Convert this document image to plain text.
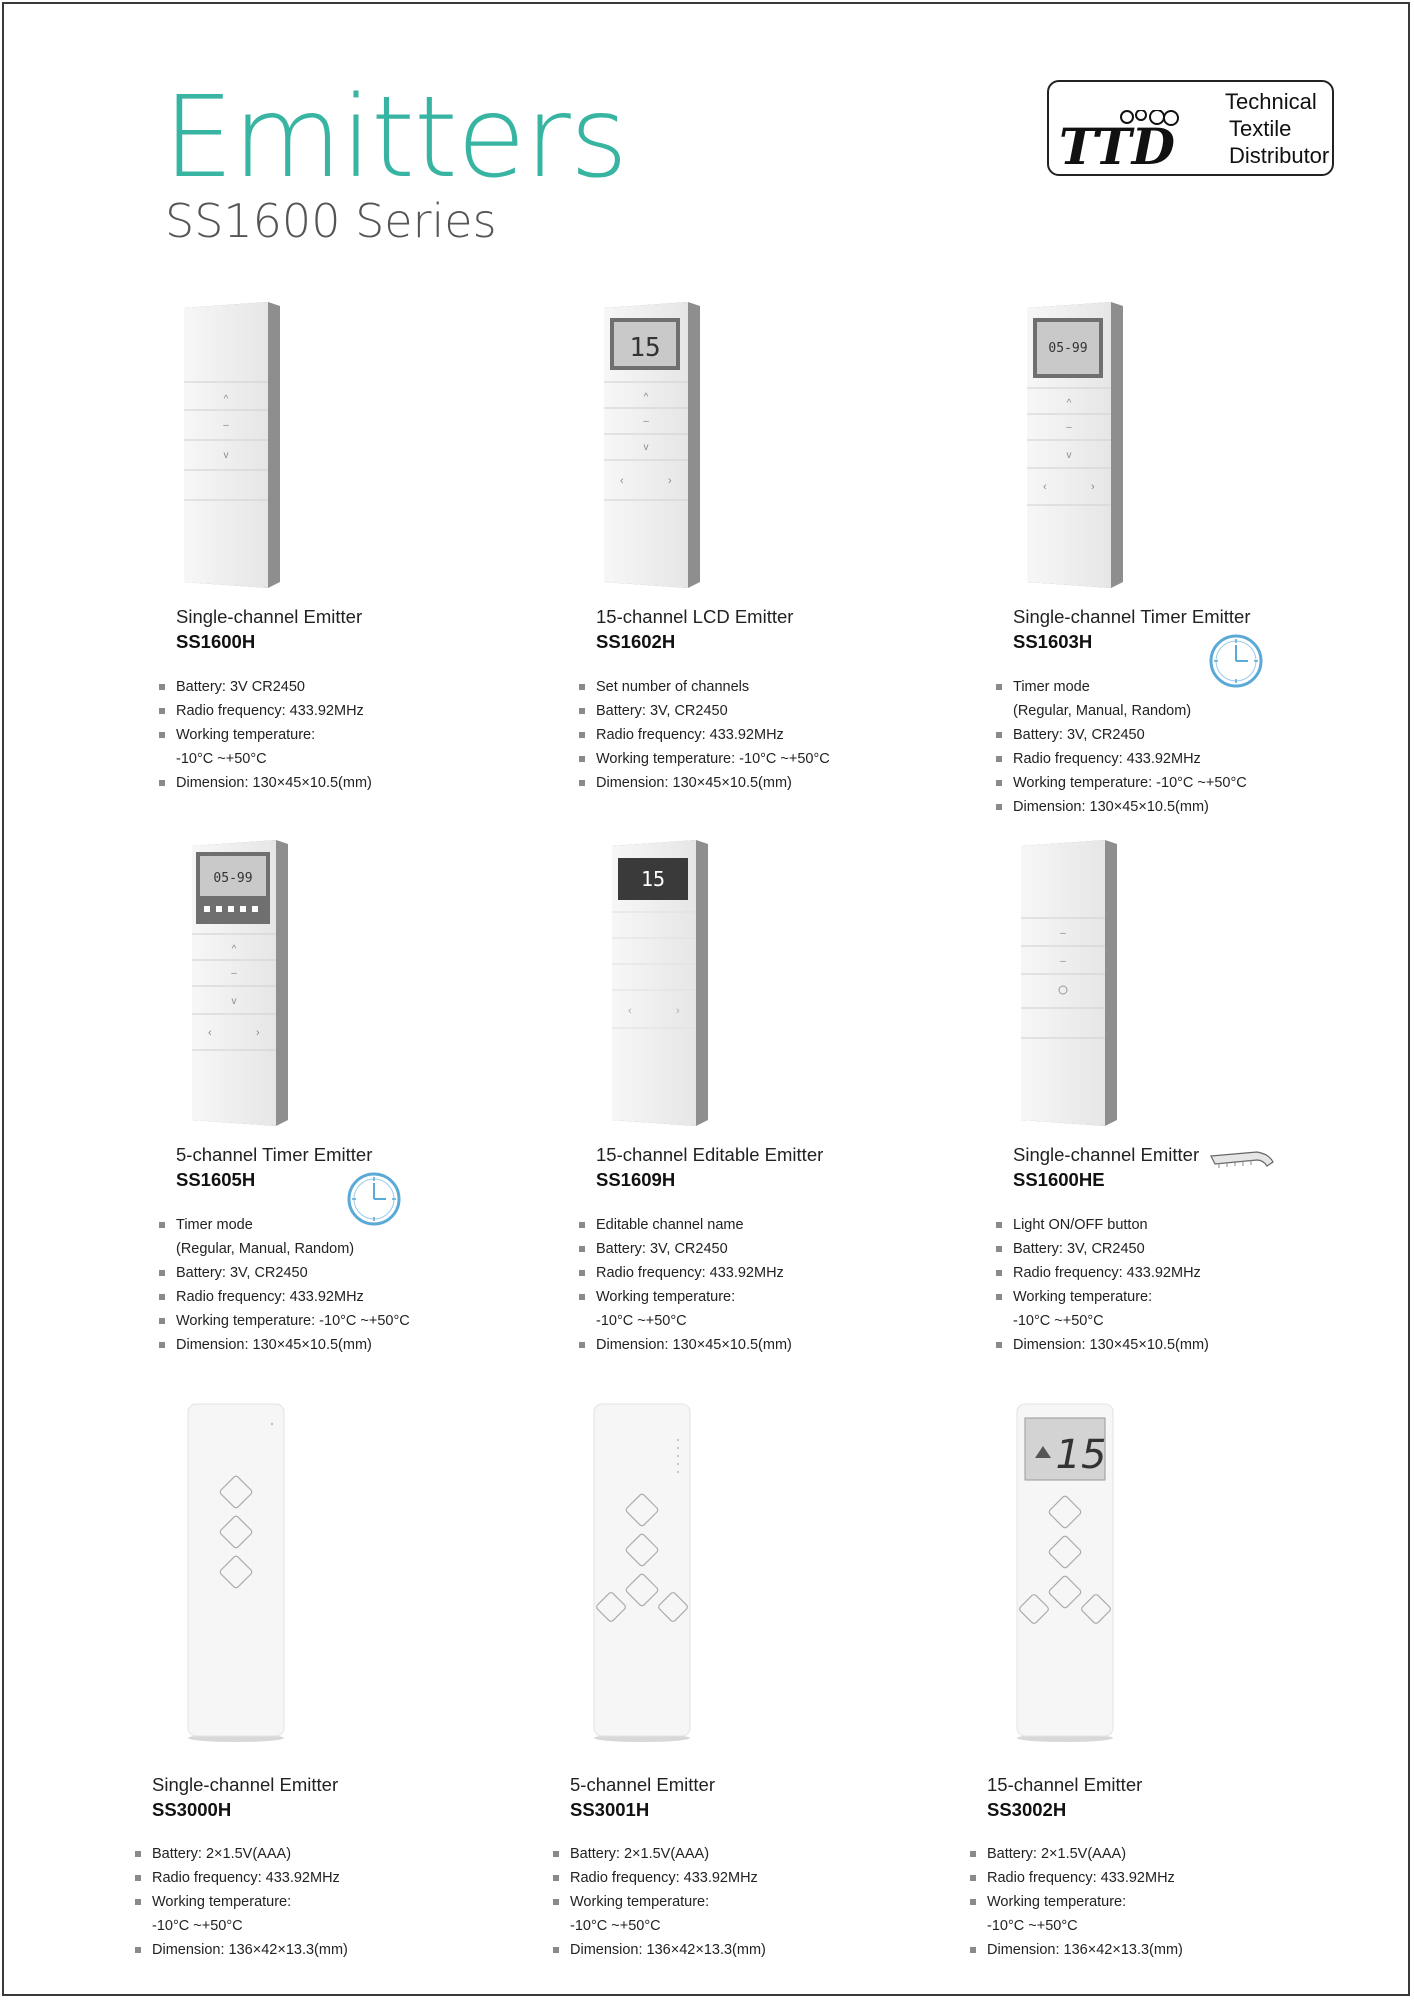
Emitters
SS1600 Series
TTD
Technical
Textile
Distributor
^
–
v
Single-channel Emitter
SS1600H
Battery: 3V CR2450
Radio frequency: 433.92MHz
Working temperature:
-10°C ~+50°C
Dimension: 130×45×10.5(mm)
15
^
–
v
‹	›
15-channel LCD Emitter
SS1602H
Set number of channels
Battery: 3V, CR2450
Radio frequency: 433.92MHz
Working temperature: -10°C ~+50°C
Dimension: 130×45×10.5(mm)
05-99
^
–
v
‹	›
Single-channel Timer Emitter
SS1603H
Timer mode
(Regular, Manual, Random)
Battery: 3V, CR2450
Radio frequency: 433.92MHz
Working temperature: -10°C ~+50°C
Dimension: 130×45×10.5(mm)
05-99
^
–
v
‹	›
5-channel Timer Emitter
SS1605H
Timer mode
(Regular, Manual, Random)
Battery: 3V, CR2450
Radio frequency: 433.92MHz
Working temperature: -10°C ~+50°C
Dimension: 130×45×10.5(mm)
15
‹	›
15-channel Editable Emitter
SS1609H
Editable channel name
Battery: 3V, CR2450
Radio frequency: 433.92MHz
Working temperature:
-10°C ~+50°C
Dimension: 130×45×10.5(mm)
–
–
Single-channel Emitter
SS1600HE
Light ON/OFF button
Battery: 3V, CR2450
Radio frequency: 433.92MHz
Working temperature:
-10°C ~+50°C
Dimension: 130×45×10.5(mm)
Single-channel Emitter
SS3000H
Battery: 2×1.5V(AAA)
Radio frequency: 433.92MHz
Working temperature:
-10°C ~+50°C
Dimension: 136×42×13.3(mm)
5-channel Emitter
SS3001H
Battery: 2×1.5V(AAA)
Radio frequency: 433.92MHz
Working temperature:
-10°C ~+50°C
Dimension: 136×42×13.3(mm)
15
15-channel Emitter
SS3002H
Battery: 2×1.5V(AAA)
Radio frequency: 433.92MHz
Working temperature:
-10°C ~+50°C
Dimension: 136×42×13.3(mm)
